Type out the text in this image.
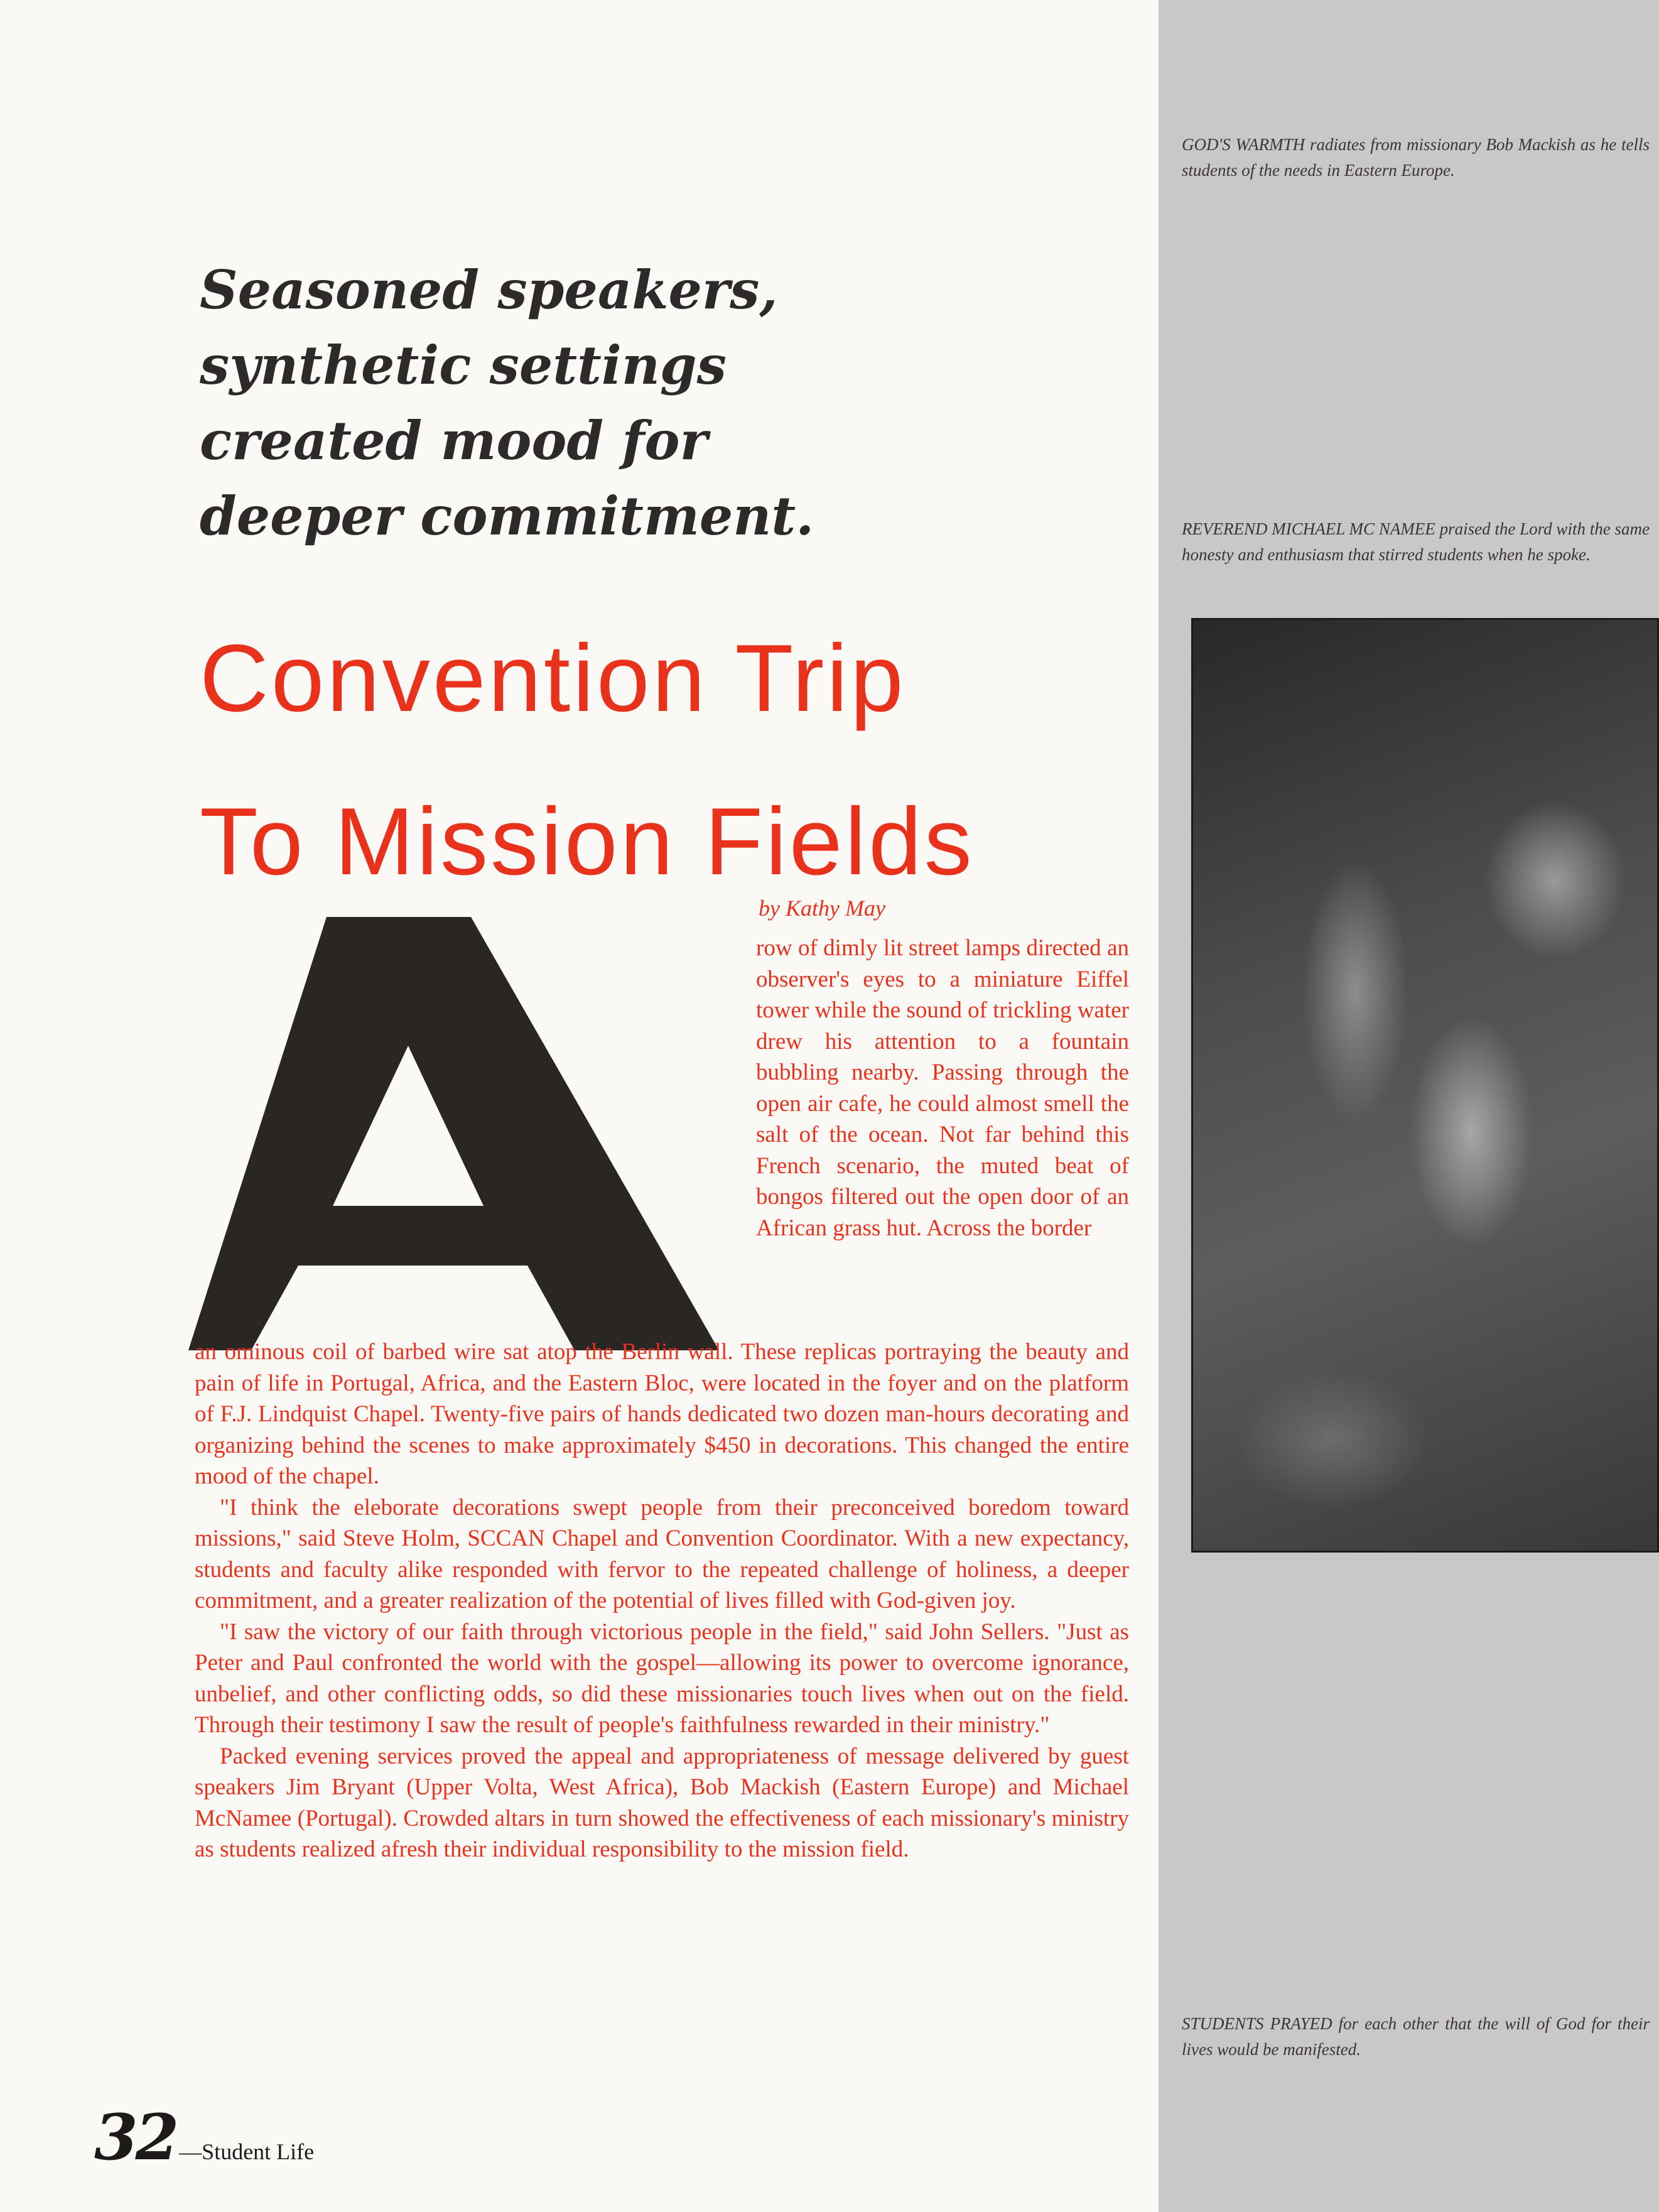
GOD'S WARMTH radiates from missionary Bob Mackish as he tells students of the needs in Eastern Europe.
REVEREND MICHAEL MC NAMEE praised the Lord with the same honesty and enthusiasm that stirred students when he spoke.
STUDENTS PRAYED for each other that the will of God for their lives would be manifested.
Seasoned speakers,
synthetic settings
created mood for
deeper commitment.
Convention Trip
To Mission Fields
by Kathy May
A

row of dimly lit street lamps directed an observer's eyes to a miniature Eiffel tower while the sound of trickling water drew his attention to a fountain bubbling nearby. Passing through the open air cafe, he could almost smell the salt of the ocean. Not far behind this French scenario, the muted beat of bongos filtered out the open door of an African grass hut. Across the border

an ominous coil of barbed wire sat atop the Berlin wall. These replicas portraying the beauty and pain of life in Portugal, Africa, and the Eastern Bloc, were located in the foyer and on the platform of F.J. Lindquist Chapel. Twenty-five pairs of hands dedicated two dozen man-hours decorating and organizing behind the scenes to make approximately $450 in decorations. This changed the entire mood of the chapel.

"I think the eleborate decorations swept people from their preconceived boredom toward missions," said Steve Holm, SCCAN Chapel and Convention Coordinator. With a new expectancy, students and faculty alike responded with fervor to the repeated challenge of holiness, a deeper commitment, and a greater realization of the potential of lives filled with God-given joy.

"I saw the victory of our faith through victorious people in the field," said John Sellers. "Just as Peter and Paul confronted the world with the gospel—allowing its power to overcome ignorance, unbelief, and other conflicting odds, so did these missionaries touch lives when out on the field. Through their testimony I saw the result of people's faithfulness rewarded in their ministry."

Packed evening services proved the appeal and appropriateness of message delivered by guest speakers Jim Bryant (Upper Volta, West Africa), Bob Mackish (Eastern Europe) and Michael McNamee (Portugal). Crowded altars in turn showed the effectiveness of each missionary's ministry as students realized afresh their individual responsibility to the mission field.

32 —Student Life
